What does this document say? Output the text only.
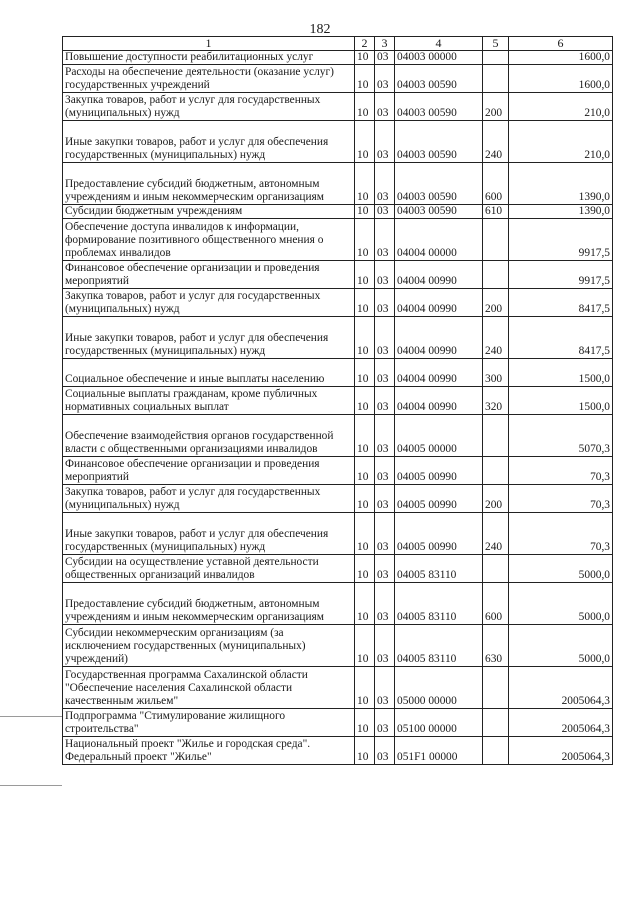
182
1	2	3	4	5	6
Повышение доступности реабилитационных услуг	10	03	04003 00000		1600,0
Расходы на обеспечение деятельности (оказание услуг) государственных учреждений	10	03	04003 00590		1600,0
Закупка товаров, работ и услуг для государственных (муниципальных) нужд	10	03	04003 00590	200	210,0
Иные закупки товаров, работ и услуг для обеспечения государственных (муниципальных) нужд	10	03	04003 00590	240	210,0
Предоставление субсидий бюджетным, автономным учреждениям и иным некоммерческим организациям	10	03	04003 00590	600	1390,0
Субсидии бюджетным учреждениям	10	03	04003 00590	610	1390,0
Обеспечение доступа инвалидов к информации, формирование позитивного общественного мнения о проблемах инвалидов	10	03	04004 00000		9917,5
Финансовое обеспечение организации и проведения мероприятий	10	03	04004 00990		9917,5
Закупка товаров, работ и услуг для государственных (муниципальных) нужд	10	03	04004 00990	200	8417,5
Иные закупки товаров, работ и услуг для обеспечения государственных (муниципальных) нужд	10	03	04004 00990	240	8417,5
Социальное обеспечение и иные выплаты населению	10	03	04004 00990	300	1500,0
Социальные выплаты гражданам, кроме публичных нормативных социальных выплат	10	03	04004 00990	320	1500,0
Обеспечение взаимодействия органов государственной власти с общественными организациями инвалидов	10	03	04005 00000		5070,3
Финансовое обеспечение организации и проведения мероприятий	10	03	04005 00990		70,3
Закупка товаров, работ и услуг для государственных (муниципальных) нужд	10	03	04005 00990	200	70,3
Иные закупки товаров, работ и услуг для обеспечения государственных (муниципальных) нужд	10	03	04005 00990	240	70,3
Субсидии на осуществление уставной деятельности общественных организаций инвалидов	10	03	04005 83110		5000,0
Предоставление субсидий бюджетным, автономным учреждениям и иным некоммерческим организациям	10	03	04005 83110	600	5000,0
Субсидии некоммерческим организациям (за исключением государственных (муниципальных) учреждений)	10	03	04005 83110	630	5000,0
Государственная программа Сахалинской области "Обеспечение населения Сахалинской области качественным жильем"	10	03	05000 00000		2005064,3
Подпрограмма "Стимулирование жилищного строительства"	10	03	05100 00000		2005064,3
Национальный проект "Жилье и городская среда". Федеральный проект "Жилье"	10	03	051F1 00000		2005064,3
